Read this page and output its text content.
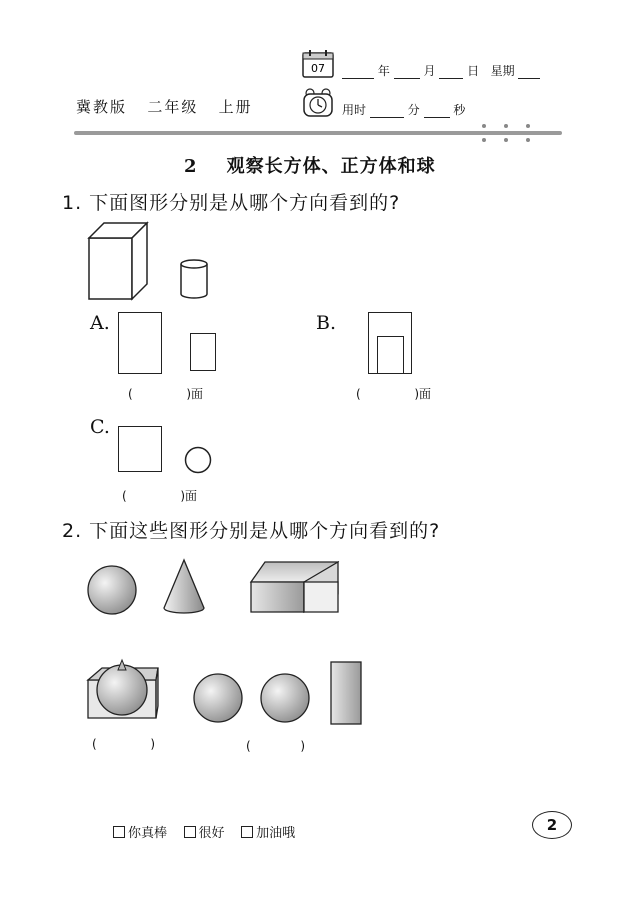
07	年	月	日 星期
冀教版 二年级 上册	用时	分	秒
2 观察长方体、正方体和球
1. 下面图形分别是从哪个方向看到的?
A.
(	)面
B.
(	)面
C.
(	)面
2. 下面这些图形分别是从哪个方向看到的?
(	)	(	)
你真棒 很好 加油哦	2
